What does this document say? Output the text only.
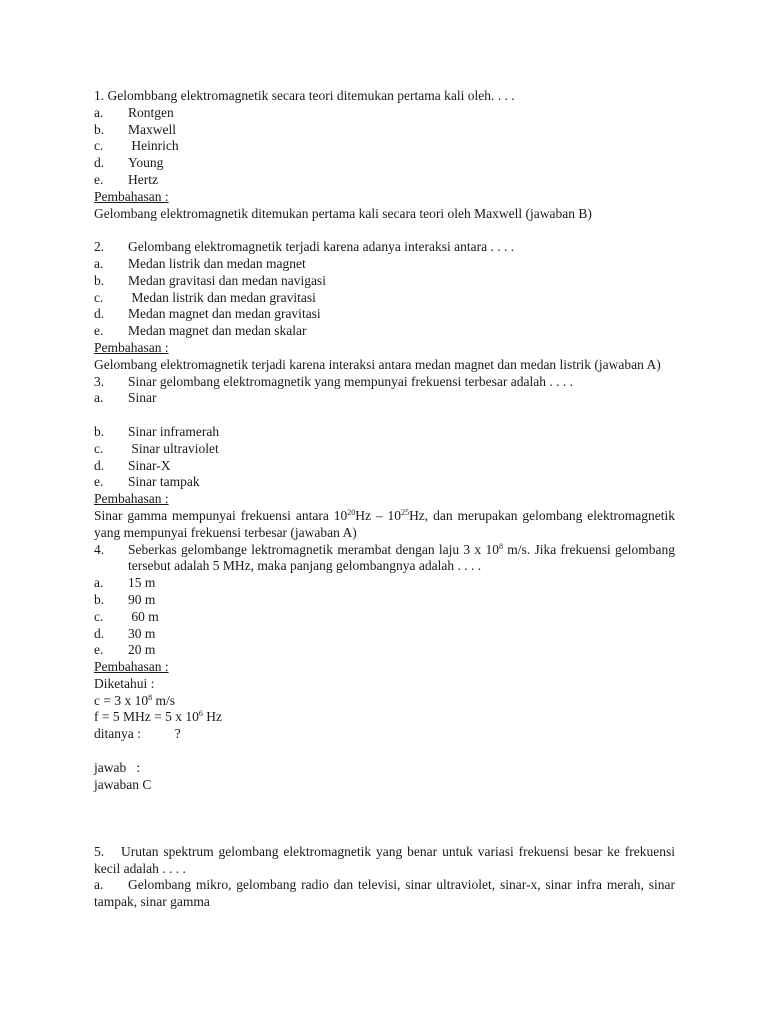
1. Gelombbang elektromagnetik secara teori ditemukan pertama kali oleh. . . .
a.	Rontgen
b.	Maxwell
c.	Heinrich
d.	Young
e.	Hertz
Pembahasan :
Gelombang elektromagnetik ditemukan pertama kali secara teori oleh Maxwell (jawaban B)
2.	Gelombang elektromagnetik terjadi karena adanya interaksi antara . . . .
a.	Medan listrik dan medan magnet
b.	Medan gravitasi dan medan navigasi
c.	Medan listrik dan medan gravitasi
d.	Medan magnet dan medan gravitasi
e.	Medan magnet dan medan skalar
Pembahasan :
Gelombang elektromagnetik terjadi karena interaksi antara medan magnet dan medan listrik (jawaban A)
3.	Sinar gelombang elektromagnetik yang mempunyai frekuensi terbesar adalah . . . .
a.	Sinar
b.	Sinar inframerah
c.	Sinar ultraviolet
d.	Sinar-X
e.	Sinar tampak
Pembahasan :
Sinar gamma mempunyai frekuensi antara $10^{20}Hz - 10^{25}Hz$, dan merupakan gelombang elektromagnetik yang mempunyai frekuensi terbesar (jawaban A)
4.	Seberkas gelombange lektromagnetik merambat dengan laju 3 x $10^8$ m/s. Jika frekuensi gelombang tersebut adalah 5 MHz, maka panjang gelombangnya adalah . . . .
a.	15 m
b.	90 m
c.	60 m
d.	30 m
e.	20 m
Pembahasan :
Diketahui :
c = 3 x $10^8$ m/s
f = 5 MHz = 5 x $10^6$ Hz
ditanya :          ?
jawab   :
jawaban C
5. Urutan spektrum gelombang elektromagnetik yang benar untuk variasi frekuensi besar ke frekuensi kecil adalah . . . .
a. Gelombang mikro, gelombang radio dan televisi, sinar ultraviolet, sinar-x, sinar infra merah, sinar tampak, sinar gamma
